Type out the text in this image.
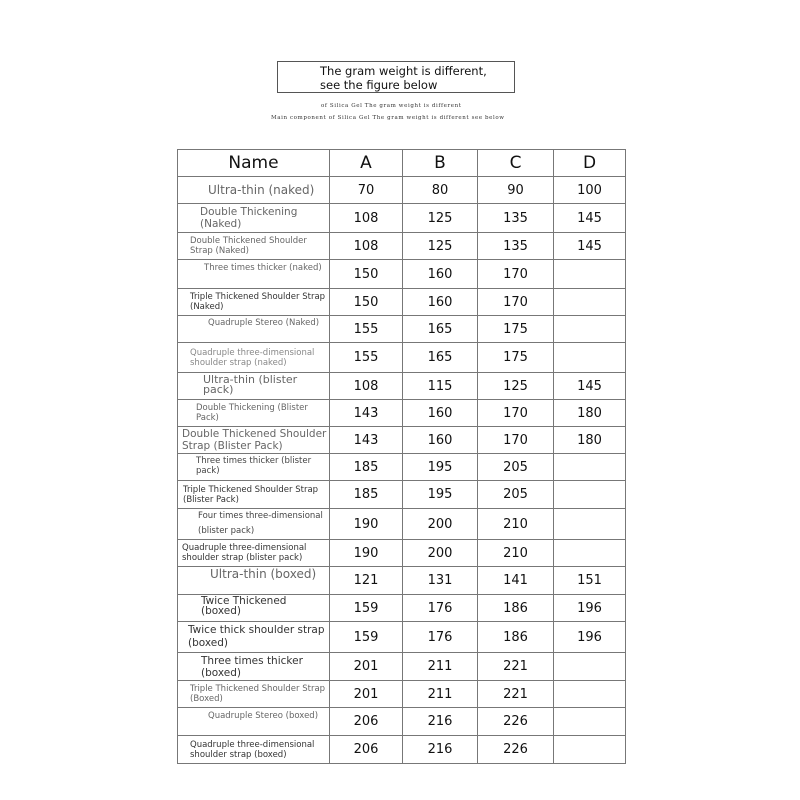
The gram weight is different, see the figure below
of Silica Gel The gram weight is different
Main component of Silica Gel The gram weight is different see below
Name	A	B	C	D
Ultra-thin (naked)	70	80	90	100
Double Thickening (Naked)	108	125	135	145
Double Thickened Shoulder Strap (Naked)	108	125	135	145
Three times thicker (naked)	150	160	170	
Triple Thickened Shoulder Strap (Naked)	150	160	170	
Quadruple Stereo (Naked)	155	165	175	
Quadruple three-dimensional shoulder strap (naked)	155	165	175	
Ultra-thin (blister pack)	108	115	125	145
Double Thickening (Blister Pack)	143	160	170	180
Double Thickened Shoulder Strap (Blister Pack)	143	160	170	180
Three times thicker (blister pack)	185	195	205	
Triple Thickened Shoulder Strap (Blister Pack)	185	195	205	
Four times three-dimensional (blister pack)	190	200	210	
Quadruple three-dimensional shoulder strap (blister pack)	190	200	210	
Ultra-thin (boxed)	121	131	141	151
Twice Thickened (boxed)	159	176	186	196
Twice thick shoulder strap (boxed)	159	176	186	196
Three times thicker (boxed)	201	211	221	
Triple Thickened Shoulder Strap (Boxed)	201	211	221	
Quadruple Stereo (boxed)	206	216	226	
Quadruple three-dimensional shoulder strap (boxed)	206	216	226	
